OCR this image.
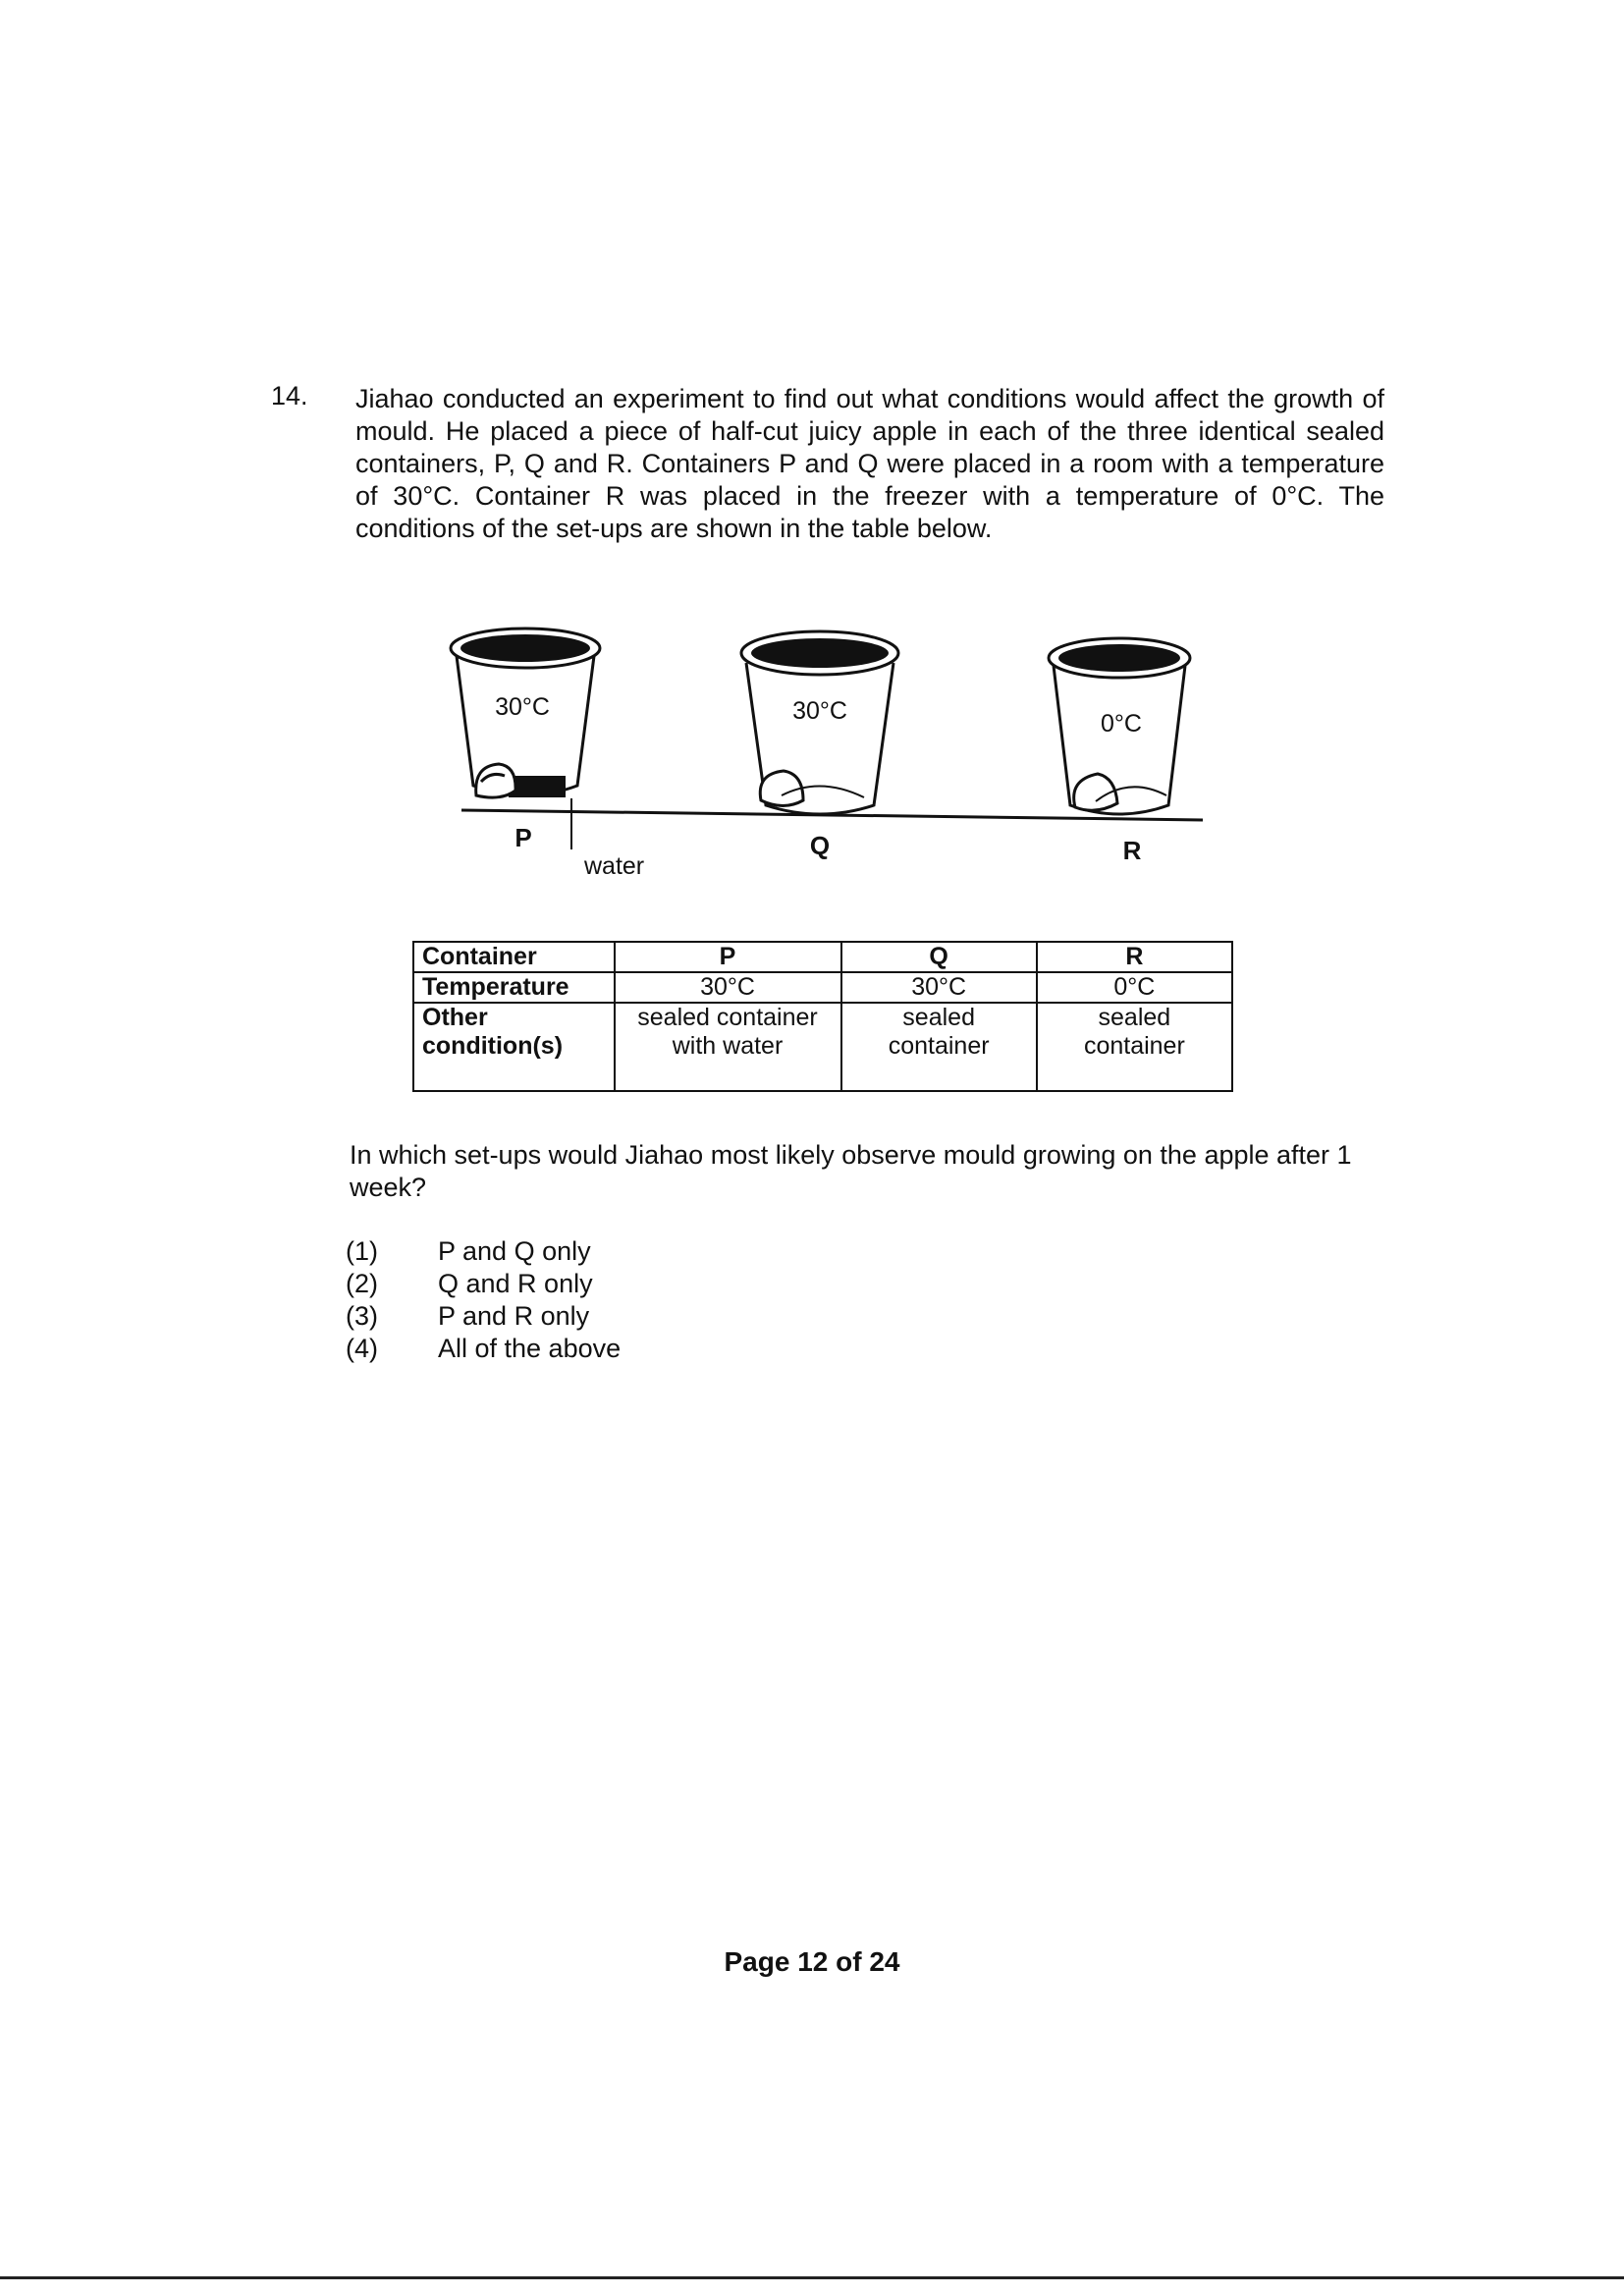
14. Jiahao conducted an experiment to find out what conditions would affect the growth of mould. He placed a piece of half-cut juicy apple in each of the three identical sealed containers, P, Q and R. Containers P and Q were placed in a room with a temperature of 30°C. Container R was placed in the freezer with a temperature of 0°C. The conditions of the set-ups are shown in the table below.

30°C	30°C	0°C
P	Q	R
water
Container	P	Q	R
Temperature	30°C	30°C	0°C
Other condition(s)	sealed container with water	sealed container	sealed container
In which set-ups would Jiahao most likely observe mould growing on the apple after 1 week?
(1)	P and Q only
(2)	Q and R only
(3)	P and R only
(4)	All of the above
Page 12 of 24
